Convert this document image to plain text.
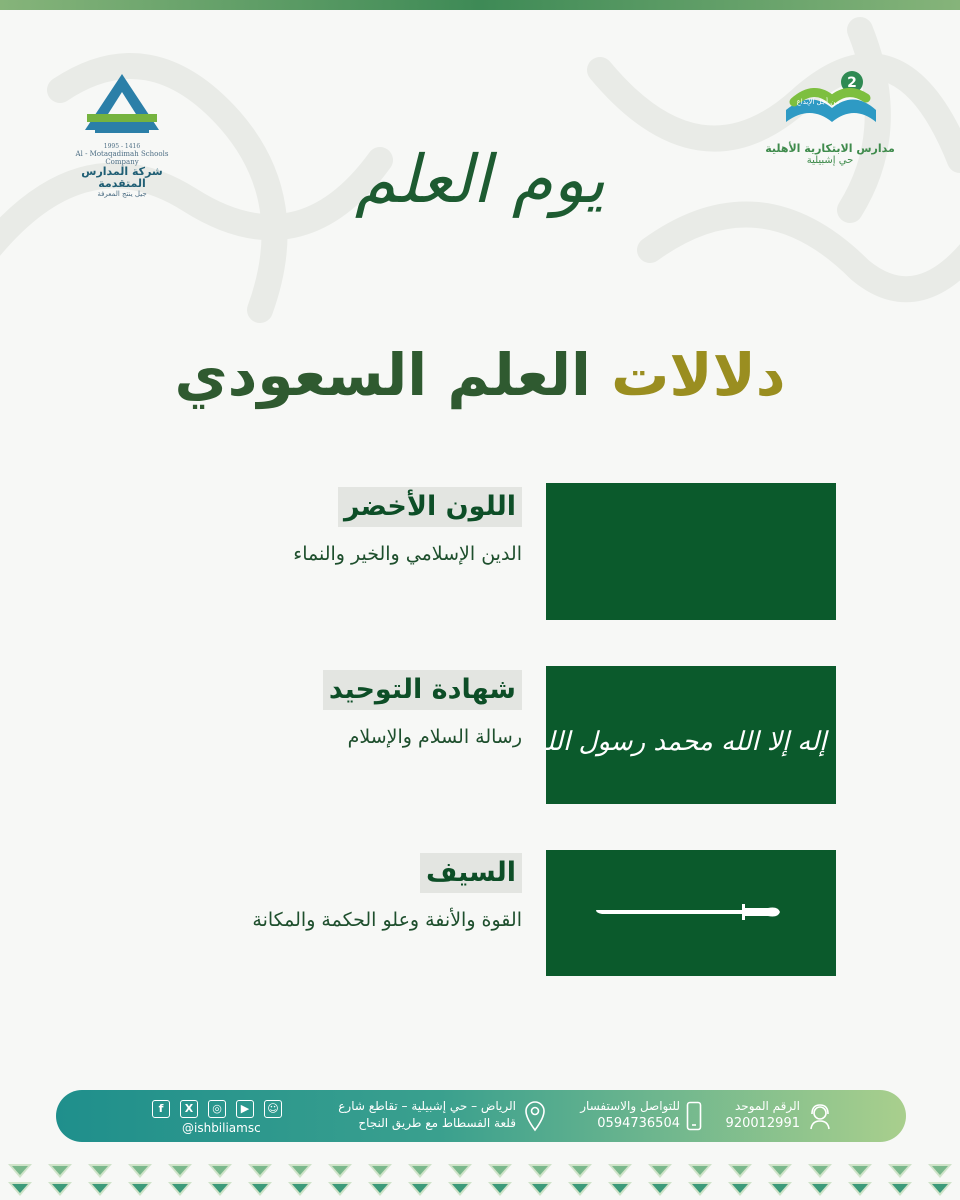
1995 - 1416
Al - Motaqadimah Schools Company
شركة المدارس المتقدمة
جيل ينتج المعرفة
2
من أجل الإبداع
مدارس الابتكارية الأهلية
حي إشبيلية
يوم العلم
دلالات العلم السعودي
اللون الأخضر
الدين الإسلامي والخير والنماء
لا إله إلا الله محمد رسول الله
شهادة التوحيد
رسالة السلام والإسلام
السيف
القوة والأنفة وعلو الحكمة والمكانة
الرقم الموحد
920012991
للتواصل والاستفسار
0594736504
الرياض – حي إشبيلية – تقاطع شارع
قلعة الفسطاط مع طريق النجاح
f	X	◎	▶	☺
@ishbiliamsc
